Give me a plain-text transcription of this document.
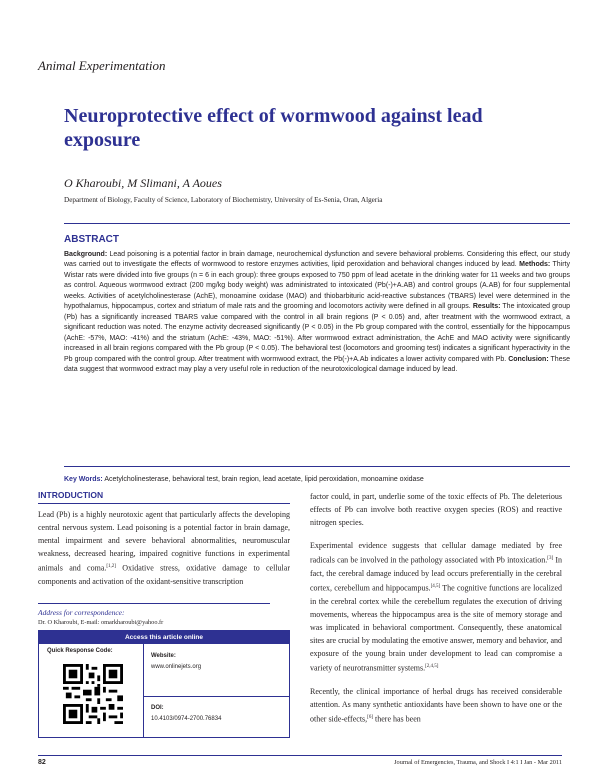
Animal Experimentation
Neuroprotective effect of wormwood against lead exposure
O Kharoubi, M Slimani, A Aoues
Department of Biology, Faculty of Science, Laboratory of Biochemistry, University of Es-Senia, Oran, Algeria
ABSTRACT
Background: Lead poisoning is a potential factor in brain damage, neurochemical dysfunction and severe behavioral problems. Considering this effect, our study was carried out to investigate the effects of wormwood to restore enzymes activities, lipid peroxidation and behavioral changes induced by lead. Methods: Thirty Wistar rats were divided into five groups (n = 6 in each group): three groups exposed to 750 ppm of lead acetate in the drinking water for 11 weeks and two groups as control. Aqueous wormwood extract (200 mg/kg body weight) was administrated to intoxicated (Pb(-)+A.AB) and control groups (A.AB) for four supplemental weeks. Activities of acetylcholinesterase (AchE), monoamine oxidase (MAO) and thiobarbituric acid-reactive substances (TBARS) level were determined in the hypothalamus, hippocampus, cortex and striatum of male rats and the grooming and locomotors activity were defined in all groups. Results: The intoxicated group (Pb) has a significantly increased TBARS value compared with the control in all brain regions (P < 0.05) and, after treatment with the wormwood extract, a significant reduction was noted. The enzyme activity decreased significantly (P < 0.05) in the Pb group compared with the control, essentially for the hippocampus (AchE: -57%, MAO: -41%) and the striatum (AchE: -43%, MAO: -51%). After wormwood extract administration, the AchE and MAO activity were significantly increased in all brain regions compared with the Pb group (P < 0.05). The behavioral test (locomotors and grooming test) indicates a significant hyperactivity in the Pb group compared with the control group. After treatment with wormwood extract, the Pb(-)+A.Ab indicates a lower activity compared with Pb. Conclusion: These data suggest that wormwood extract may play a very useful role in reduction of the neurotoxicological damage induced by lead.
Key Words: Acetylcholinesterase, behavioral test, brain region, lead acetate, lipid peroxidation, monoamine oxidase
INTRODUCTION

Lead (Pb) is a highly neurotoxic agent that particularly affects the developing central nervous system. Lead poisoning is a potential factor in brain damage, mental impairment and severe behavioral abnormalities, neuromuscular weakness, decreased hearing, impaired cognitive functions in experimental animals and coma.[1,2] Oxidative stress, oxidative damage to cellular components and activation of the oxidant-sensitive transcription

Address for correspondence:
Dr. O Kharoubi, E-mail: omarkharoubi@yahoo.fr
Access this article online
Quick Response Code:
Website:
www.onlinejets.org
DOI:
10.4103/0974-2700.76834

factor could, in part, underlie some of the toxic effects of Pb. The deleterious effects of Pb can involve both reactive oxygen species (ROS) and reactive nitrogen species.

Experimental evidence suggests that cellular damage mediated by free radicals can be involved in the pathology associated with Pb intoxication.[3] In fact, the cerebral damage induced by lead occurs preferentially in the cerebral cortex, cerebellum and hippocampus.[4,5] The cognitive functions are localized in the cerebral cortex while the cerebellum regulates the execution of driving movements, whereas the hippocampus area is the site of memory storage and was implicated in behavioral comportment. Consequently, these anatomical sites are crucial by modulating the emotive answer, memory and behavior, and exposure of the young brain under development to lead can compromise a variety of neurotransmitter systems.[2,4,5]

Recently, the clinical importance of herbal drugs has received considerable attention. As many synthetic antioxidants have been shown to have one or the other side-effects,[6] there has been

82	Journal of Emergencies, Trauma, and Shock I 4:1 I Jan - Mar 2011
